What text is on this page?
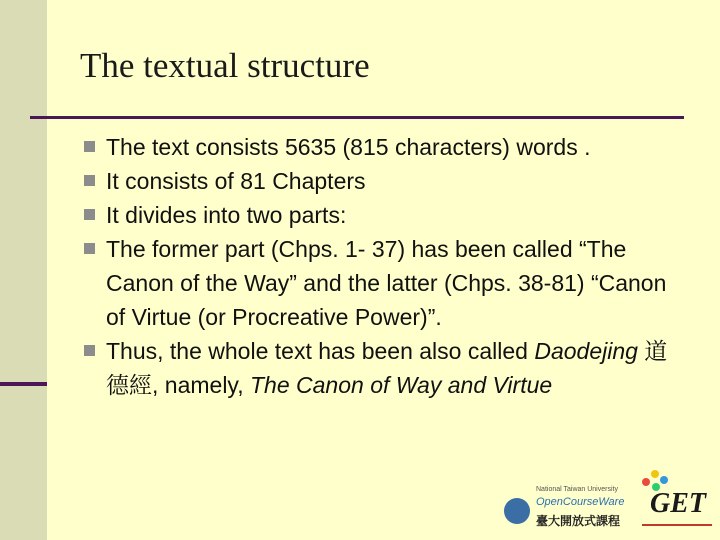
The textual structure
The text consists 5635 (815 characters) words .
It consists of 81 Chapters
It divides into two parts:
The former part (Chps. 1- 37) has been called “The Canon of the Way” and the latter (Chps. 38-81) “Canon of Virtue (or Procreative Power)”.
Thus, the whole text has been also called Daodejing 道德經, namely, The Canon of Way and Virtue
National Taiwan University
OpenCourseWare
臺大開放式課程
GET
